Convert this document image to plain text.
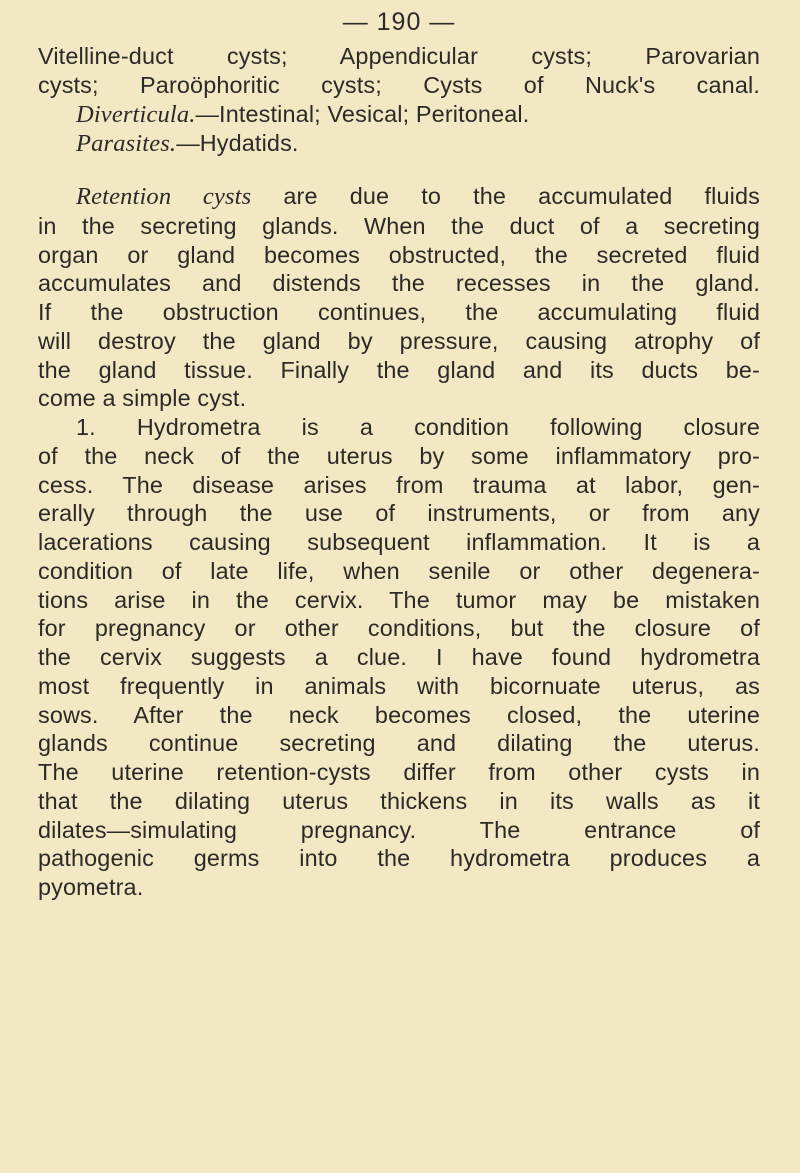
— 190 —
Vitelline-duct cysts; Appendicular cysts; Parovarian
cysts; Paroöphoritic cysts; Cysts of Nuck's canal.
Diverticula.—Intestinal; Vesical; Peritoneal.
Parasites.—Hydatids.
Retention cysts are due to the accumulated fluids
in the secreting glands. When the duct of a secreting
organ or gland becomes obstructed, the secreted fluid
accumulates and distends the recesses in the gland.
If the obstruction continues, the accumulating fluid
will destroy the gland by pressure, causing atrophy of
the gland tissue. Finally the gland and its ducts be-
come a simple cyst.
1. Hydrometra is a condition following closure
of the neck of the uterus by some inflammatory pro-
cess. The disease arises from trauma at labor, gen-
erally through the use of instruments, or from any
lacerations causing subsequent inflammation. It is a
condition of late life, when senile or other degenera-
tions arise in the cervix. The tumor may be mistaken
for pregnancy or other conditions, but the closure of
the cervix suggests a clue. I have found hydrometra
most frequently in animals with bicornuate uterus, as
sows. After the neck becomes closed, the uterine
glands continue secreting and dilating the uterus.
The uterine retention-cysts differ from other cysts in
that the dilating uterus thickens in its walls as it
dilates—simulating pregnancy. The entrance of
pathogenic germs into the hydrometra produces a
pyometra.
